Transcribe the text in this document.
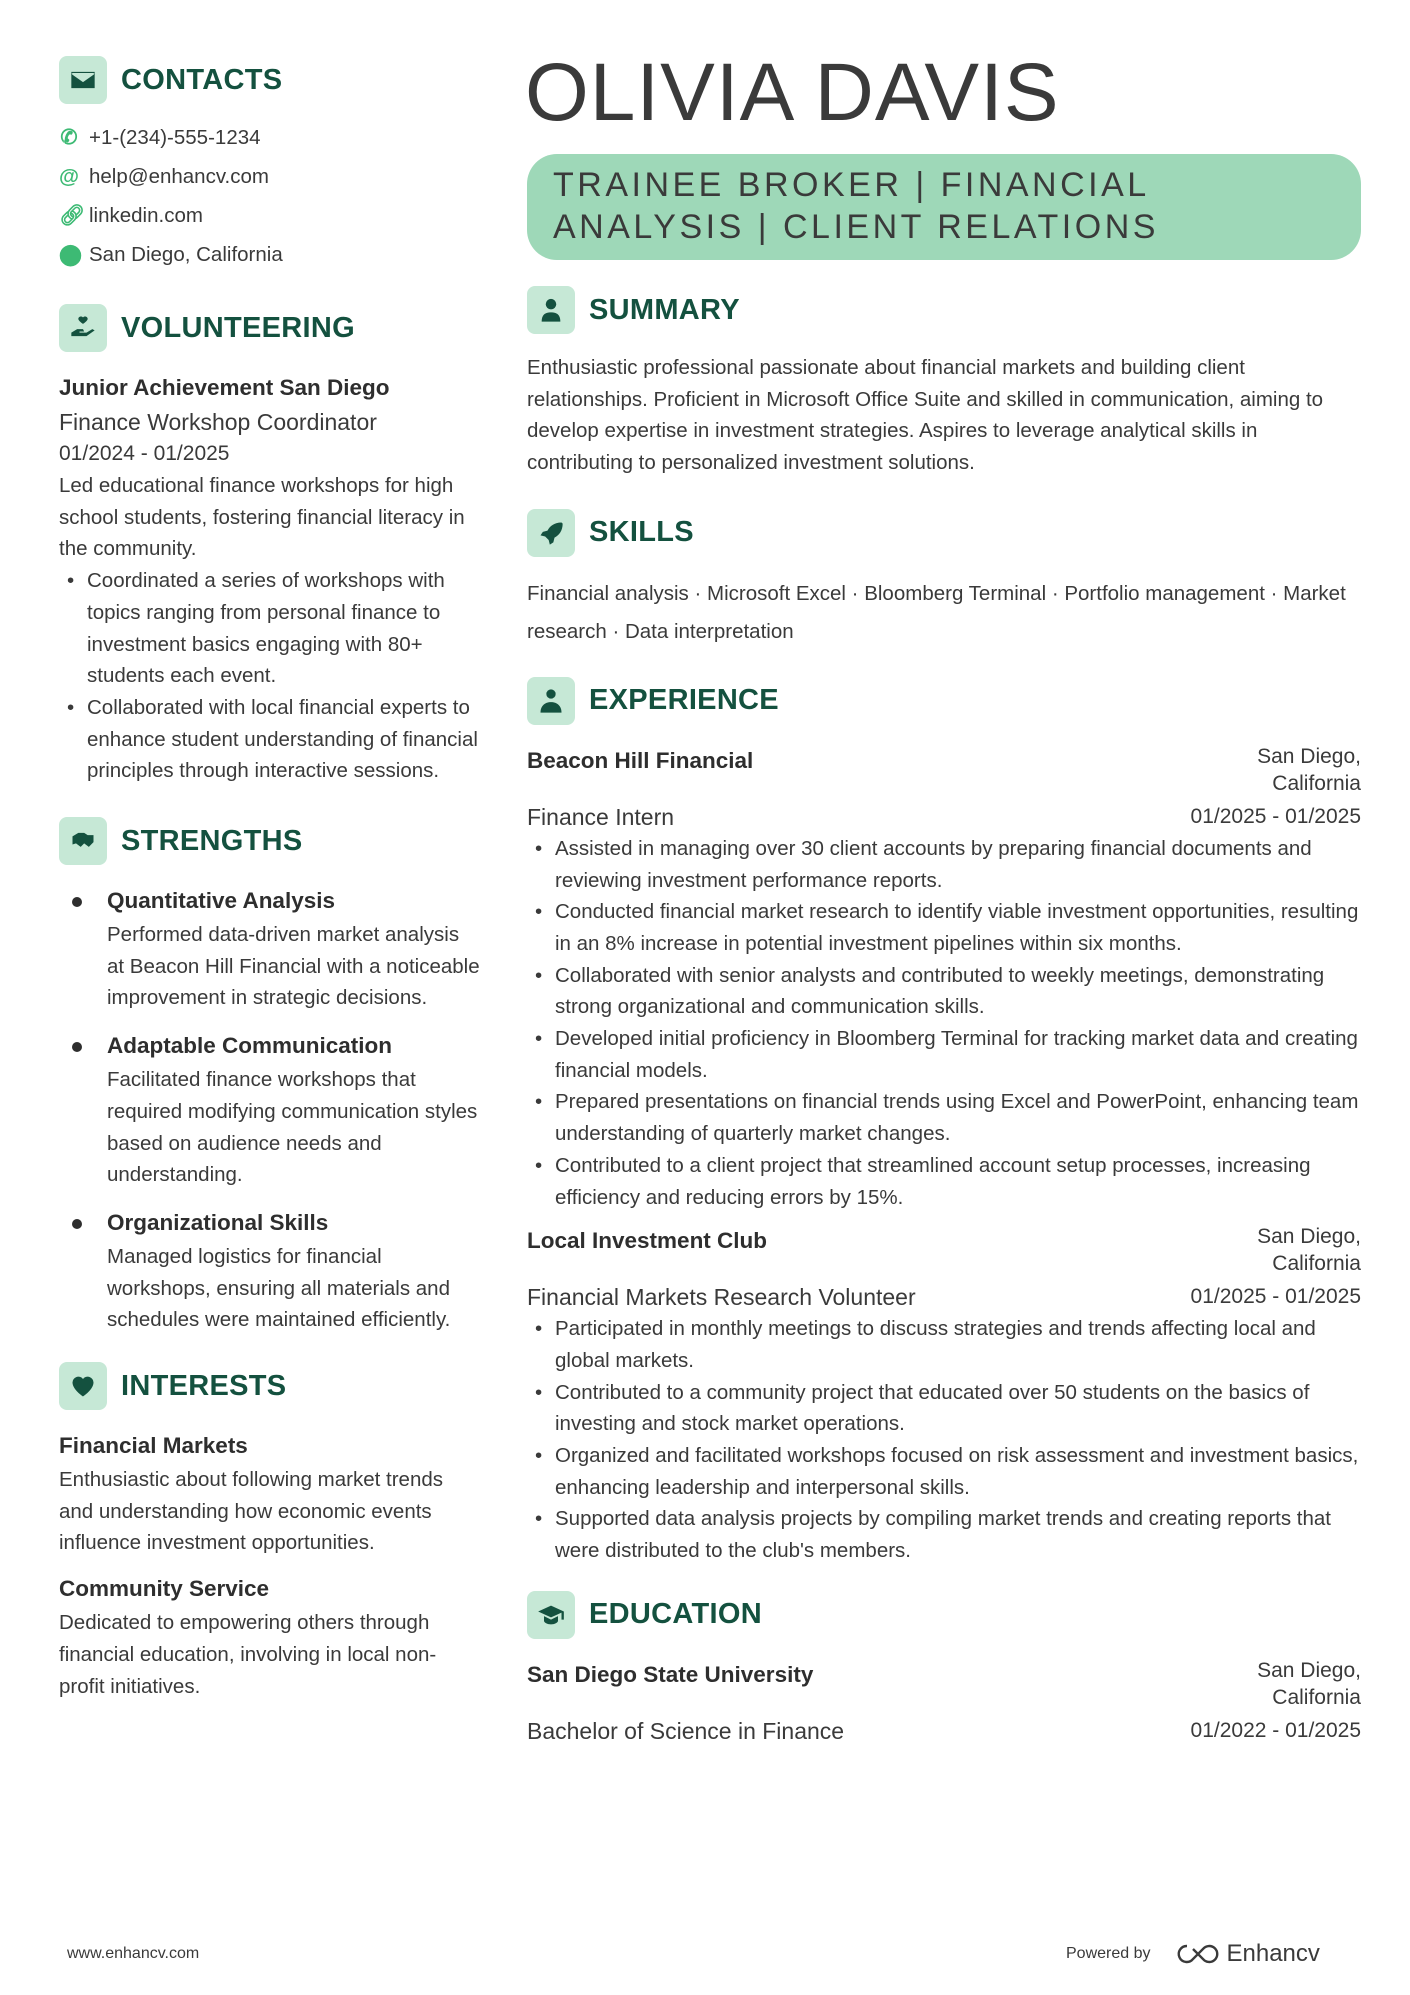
CONTACTS
✆ +1-(234)-555-1234
@ help@enhancv.com
🔗︎ linkedin.com
⬤ San Diego, California
VOLUNTEERING
Junior Achievement San Diego
Finance Workshop Coordinator
01/2024 - 01/2025
Led educational finance workshops for high school students, fostering financial literacy in the community.
• Coordinated a series of workshops with topics ranging from personal finance to investment basics engaging with 80+ students each event.
• Collaborated with local financial experts to enhance student understanding of financial principles through interactive sessions.
STRENGTHS
Quantitative Analysis
Performed data-driven market analysis at Beacon Hill Financial with a noticeable improvement in strategic decisions.
Adaptable Communication
Facilitated finance workshops that required modifying communication styles based on audience needs and understanding.
Organizational Skills
Managed logistics for financial workshops, ensuring all materials and schedules were maintained efficiently.
INTERESTS
Financial Markets
Enthusiastic about following market trends and understanding how economic events influence investment opportunities.
Community Service
Dedicated to empowering others through financial education, involving in local non-profit initiatives.
OLIVIA DAVIS
TRAINEE BROKER | FINANCIAL ANALYSIS | CLIENT RELATIONS
SUMMARY
Enthusiastic professional passionate about financial markets and building client relationships. Proficient in Microsoft Office Suite and skilled in communication, aiming to develop expertise in investment strategies. Aspires to leverage analytical skills in contributing to personalized investment solutions.
SKILLS
Financial analysis · Microsoft Excel · Bloomberg Terminal · Portfolio management · Market research · Data interpretation
EXPERIENCE
Beacon Hill Financial	San Diego,
California
Finance Intern	01/2025 - 01/2025
• Assisted in managing over 30 client accounts by preparing financial documents and reviewing investment performance reports.
• Conducted financial market research to identify viable investment opportunities, resulting in an 8% increase in potential investment pipelines within six months.
• Collaborated with senior analysts and contributed to weekly meetings, demonstrating strong organizational and communication skills.
• Developed initial proficiency in Bloomberg Terminal for tracking market data and creating financial models.
• Prepared presentations on financial trends using Excel and PowerPoint, enhancing team understanding of quarterly market changes.
• Contributed to a client project that streamlined account setup processes, increasing efficiency and reducing errors by 15%.
Local Investment Club	San Diego,
California
Financial Markets Research Volunteer	01/2025 - 01/2025
• Participated in monthly meetings to discuss strategies and trends affecting local and global markets.
• Contributed to a community project that educated over 50 students on the basics of investing and stock market operations.
• Organized and facilitated workshops focused on risk assessment and investment basics, enhancing leadership and interpersonal skills.
• Supported data analysis projects by compiling market trends and creating reports that were distributed to the club's members.
EDUCATION
San Diego State University	San Diego,
California
Bachelor of Science in Finance	01/2022 - 01/2025
www.enhancv.com	Powered by	Enhancv
